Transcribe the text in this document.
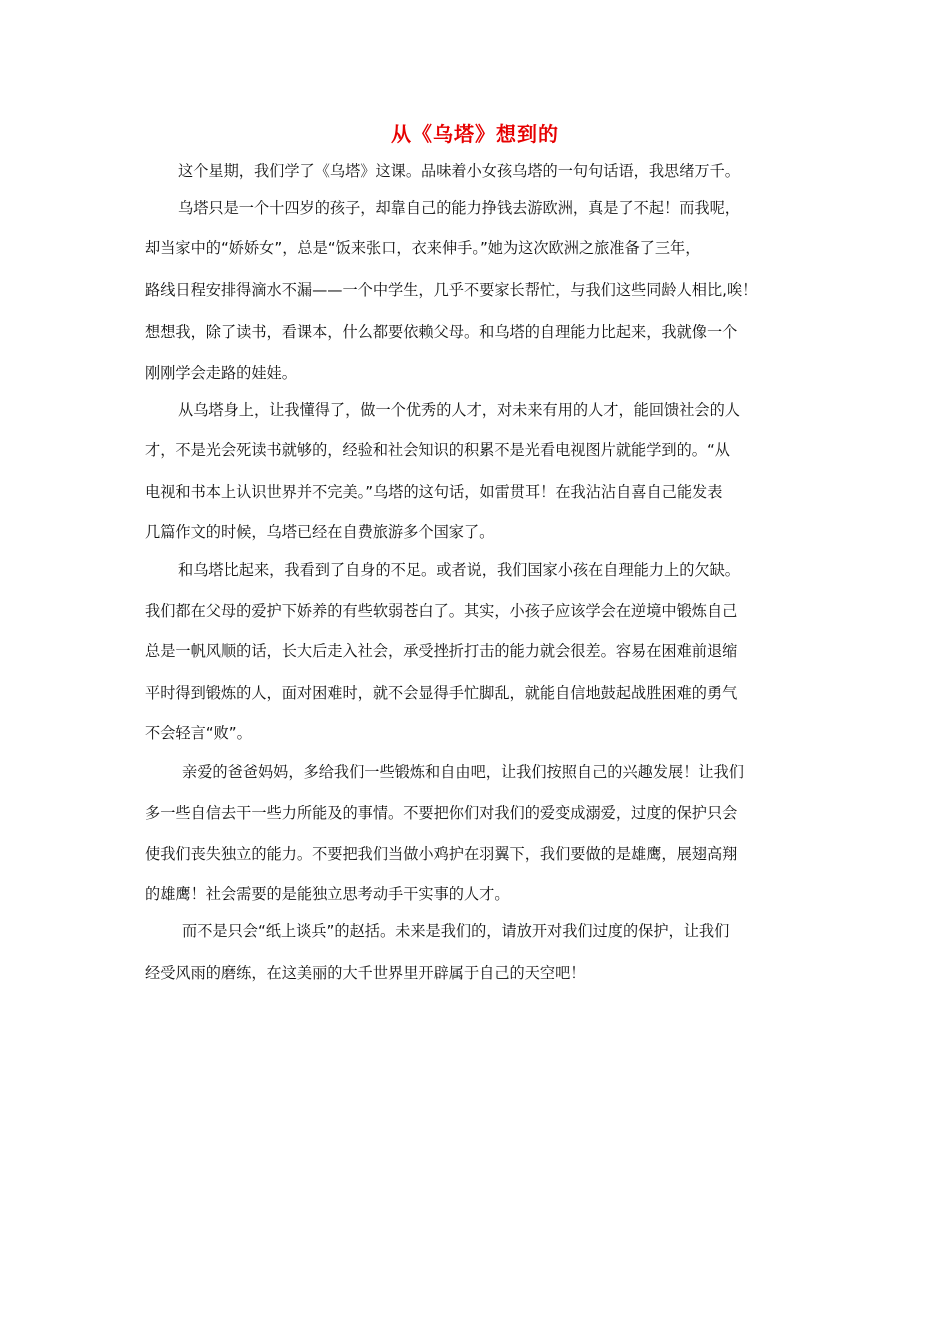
从《乌塔》想到的
这个星期，我们学了《乌塔》这课。品味着小女孩乌塔的一句句话语，我思绪万千。
乌塔只是一个十四岁的孩子，却靠自己的能力挣钱去游欧洲，真是了不起！而我呢，
却当家中的“娇娇女”，总是“饭来张口，衣来伸手。”她为这次欧洲之旅准备了三年，
路线日程安排得滴水不漏——一个中学生，几乎不要家长帮忙，与我们这些同龄人相比,唉！
想想我，除了读书，看课本，什么都要依赖父母。和乌塔的自理能力比起来，我就像一个
刚刚学会走路的娃娃。
从乌塔身上，让我懂得了，做一个优秀的人才，对未来有用的人才，能回馈社会的人
才，不是光会死读书就够的，经验和社会知识的积累不是光看电视图片就能学到的。“从
电视和书本上认识世界并不完美。”乌塔的这句话，如雷贯耳！在我沾沾自喜自己能发表
几篇作文的时候，乌塔已经在自费旅游多个国家了。
和乌塔比起来，我看到了自身的不足。或者说，我们国家小孩在自理能力上的欠缺。
我们都在父母的爱护下娇养的有些软弱苍白了。其实，小孩子应该学会在逆境中锻炼自己
总是一帆风顺的话，长大后走入社会，承受挫折打击的能力就会很差。容易在困难前退缩
平时得到锻炼的人，面对困难时，就不会显得手忙脚乱，就能自信地鼓起战胜困难的勇气
不会轻言“败”。
亲爱的爸爸妈妈，多给我们一些锻炼和自由吧，让我们按照自己的兴趣发展！让我们
多一些自信去干一些力所能及的事情。不要把你们对我们的爱变成溺爱，过度的保护只会
使我们丧失独立的能力。不要把我们当做小鸡护在羽翼下，我们要做的是雄鹰，展翅高翔
的雄鹰！社会需要的是能独立思考动手干实事的人才。
而不是只会“纸上谈兵”的赵括。未来是我们的，请放开对我们过度的保护，让我们
经受风雨的磨练，在这美丽的大千世界里开辟属于自己的天空吧！
